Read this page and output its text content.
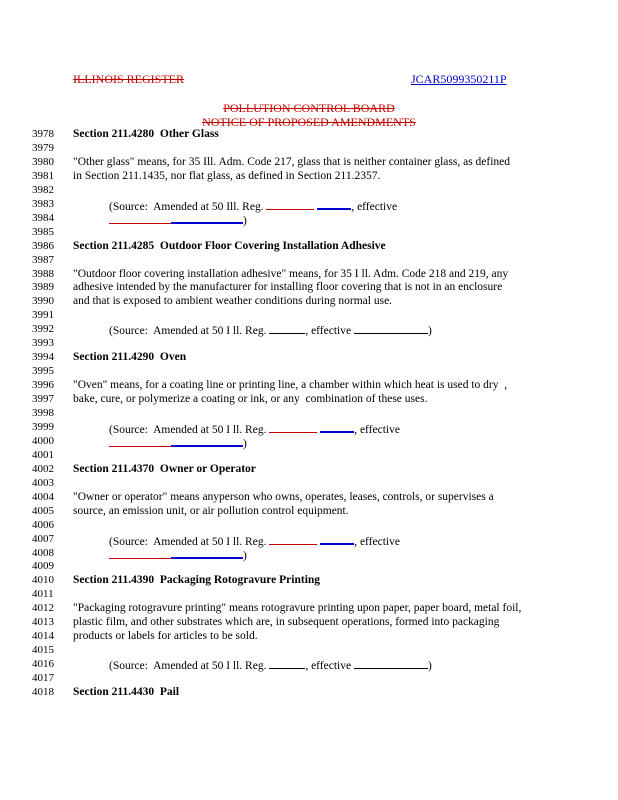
ILLINOIS REGISTER	JCAR5099350211P
POLLUTION CONTROL BOARD
NOTICE OF PROPOSED AMENDMENTS
3978	Section 211.4280  Other Glass
3979
3980	"Other glass" means, for 35 Ill. Adm. Code 217, glass that is neither container glass, as defined
3981	in Section 211.1435, nor flat glass, as defined in Section 211.2357.
3982
3983	(Source:  Amended at 50 Ill. Reg.	, effective
3984	)
3985
3986	Section 211.4285  Outdoor Floor Covering Installation Adhesive
3987
3988	"Outdoor floor covering installation adhesive" means, for 35 I ll. Adm. Code 218 and 219, any
3989	adhesive intended by the manufacturer for installing floor covering that is not in an enclosure
3990	and that is exposed to ambient weather conditions during normal use.
3991
3992	(Source:  Amended at 50 I ll. Reg.	, effective	)
3993
3994	Section 211.4290  Oven
3995
3996	"Oven" means, for a coating line or printing line, a chamber within which heat is used to dry  ,
3997	bake, cure, or polymerize a coating or ink, or any  combination of these uses.
3998
3999	(Source:  Amended at 50 I ll. Reg.	, effective
4000	)
4001
4002	Section 211.4370  Owner or Operator
4003
4004	"Owner or operator" means anyperson who owns, operates, leases, controls, or supervises a
4005	source, an emission unit, or air pollution control equipment.
4006
4007	(Source:  Amended at 50 I ll. Reg.	, effective
4008	)
4009
4010	Section 211.4390  Packaging Rotogravure Printing
4011
4012	"Packaging rotogravure printing" means rotogravure printing upon paper, paper board, metal foil,
4013	plastic film, and other substrates which are, in subsequent operations, formed into packaging
4014	products or labels for articles to be sold.
4015
4016	(Source:  Amended at 50 I ll. Reg.	, effective	)
4017
4018	Section 211.4430  Pail
